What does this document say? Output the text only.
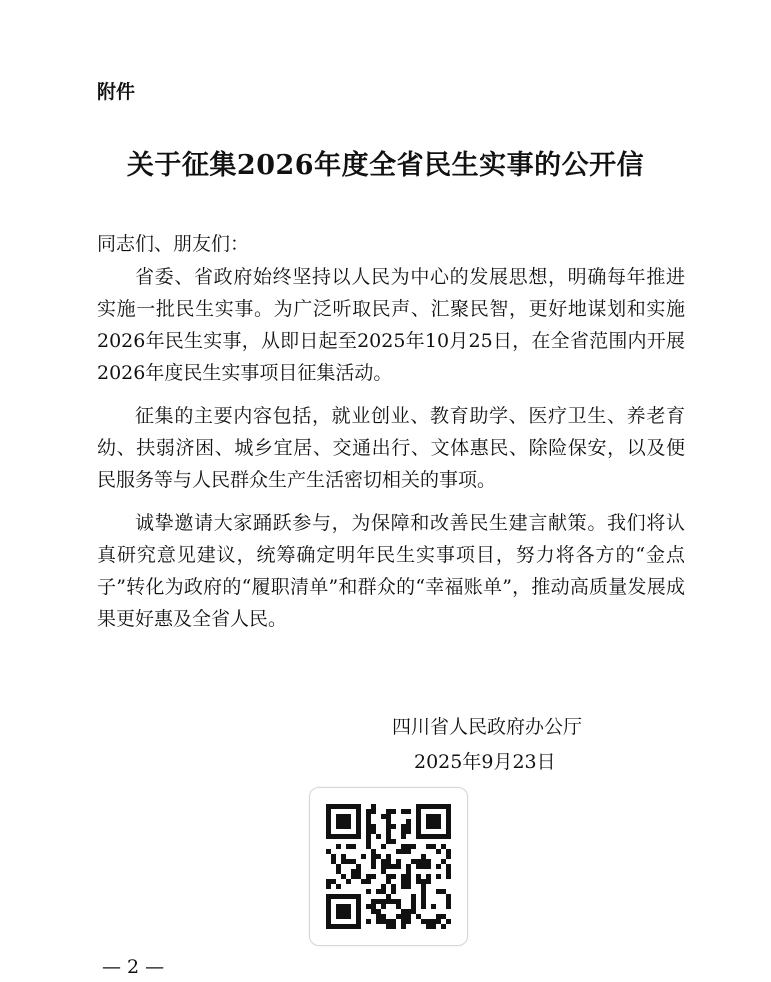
附件
关于征集2026年度全省民生实事的公开信
同志们、朋友们：

省委、省政府始终坚持以人民为中心的发展思想，明确每年推进实施一批民生实事。为广泛听取民声、汇聚民智，更好地谋划和实施2026年民生实事，从即日起至2025年10月25日，在全省范围内开展2026年度民生实事项目征集活动。

征集的主要内容包括，就业创业、教育助学、医疗卫生、养老育幼、扶弱济困、城乡宜居、交通出行、文体惠民、除险保安，以及便民服务等与人民群众生产生活密切相关的事项。

诚挚邀请大家踊跃参与，为保障和改善民生建言献策。我们将认真研究意见建议，统筹确定明年民生实事项目，努力将各方的“金点子”转化为政府的“履职清单”和群众的“幸福账单”，推动高质量发展成果更好惠及全省人民。

四川省人民政府办公厅
2025年9月23日
— 2 —
